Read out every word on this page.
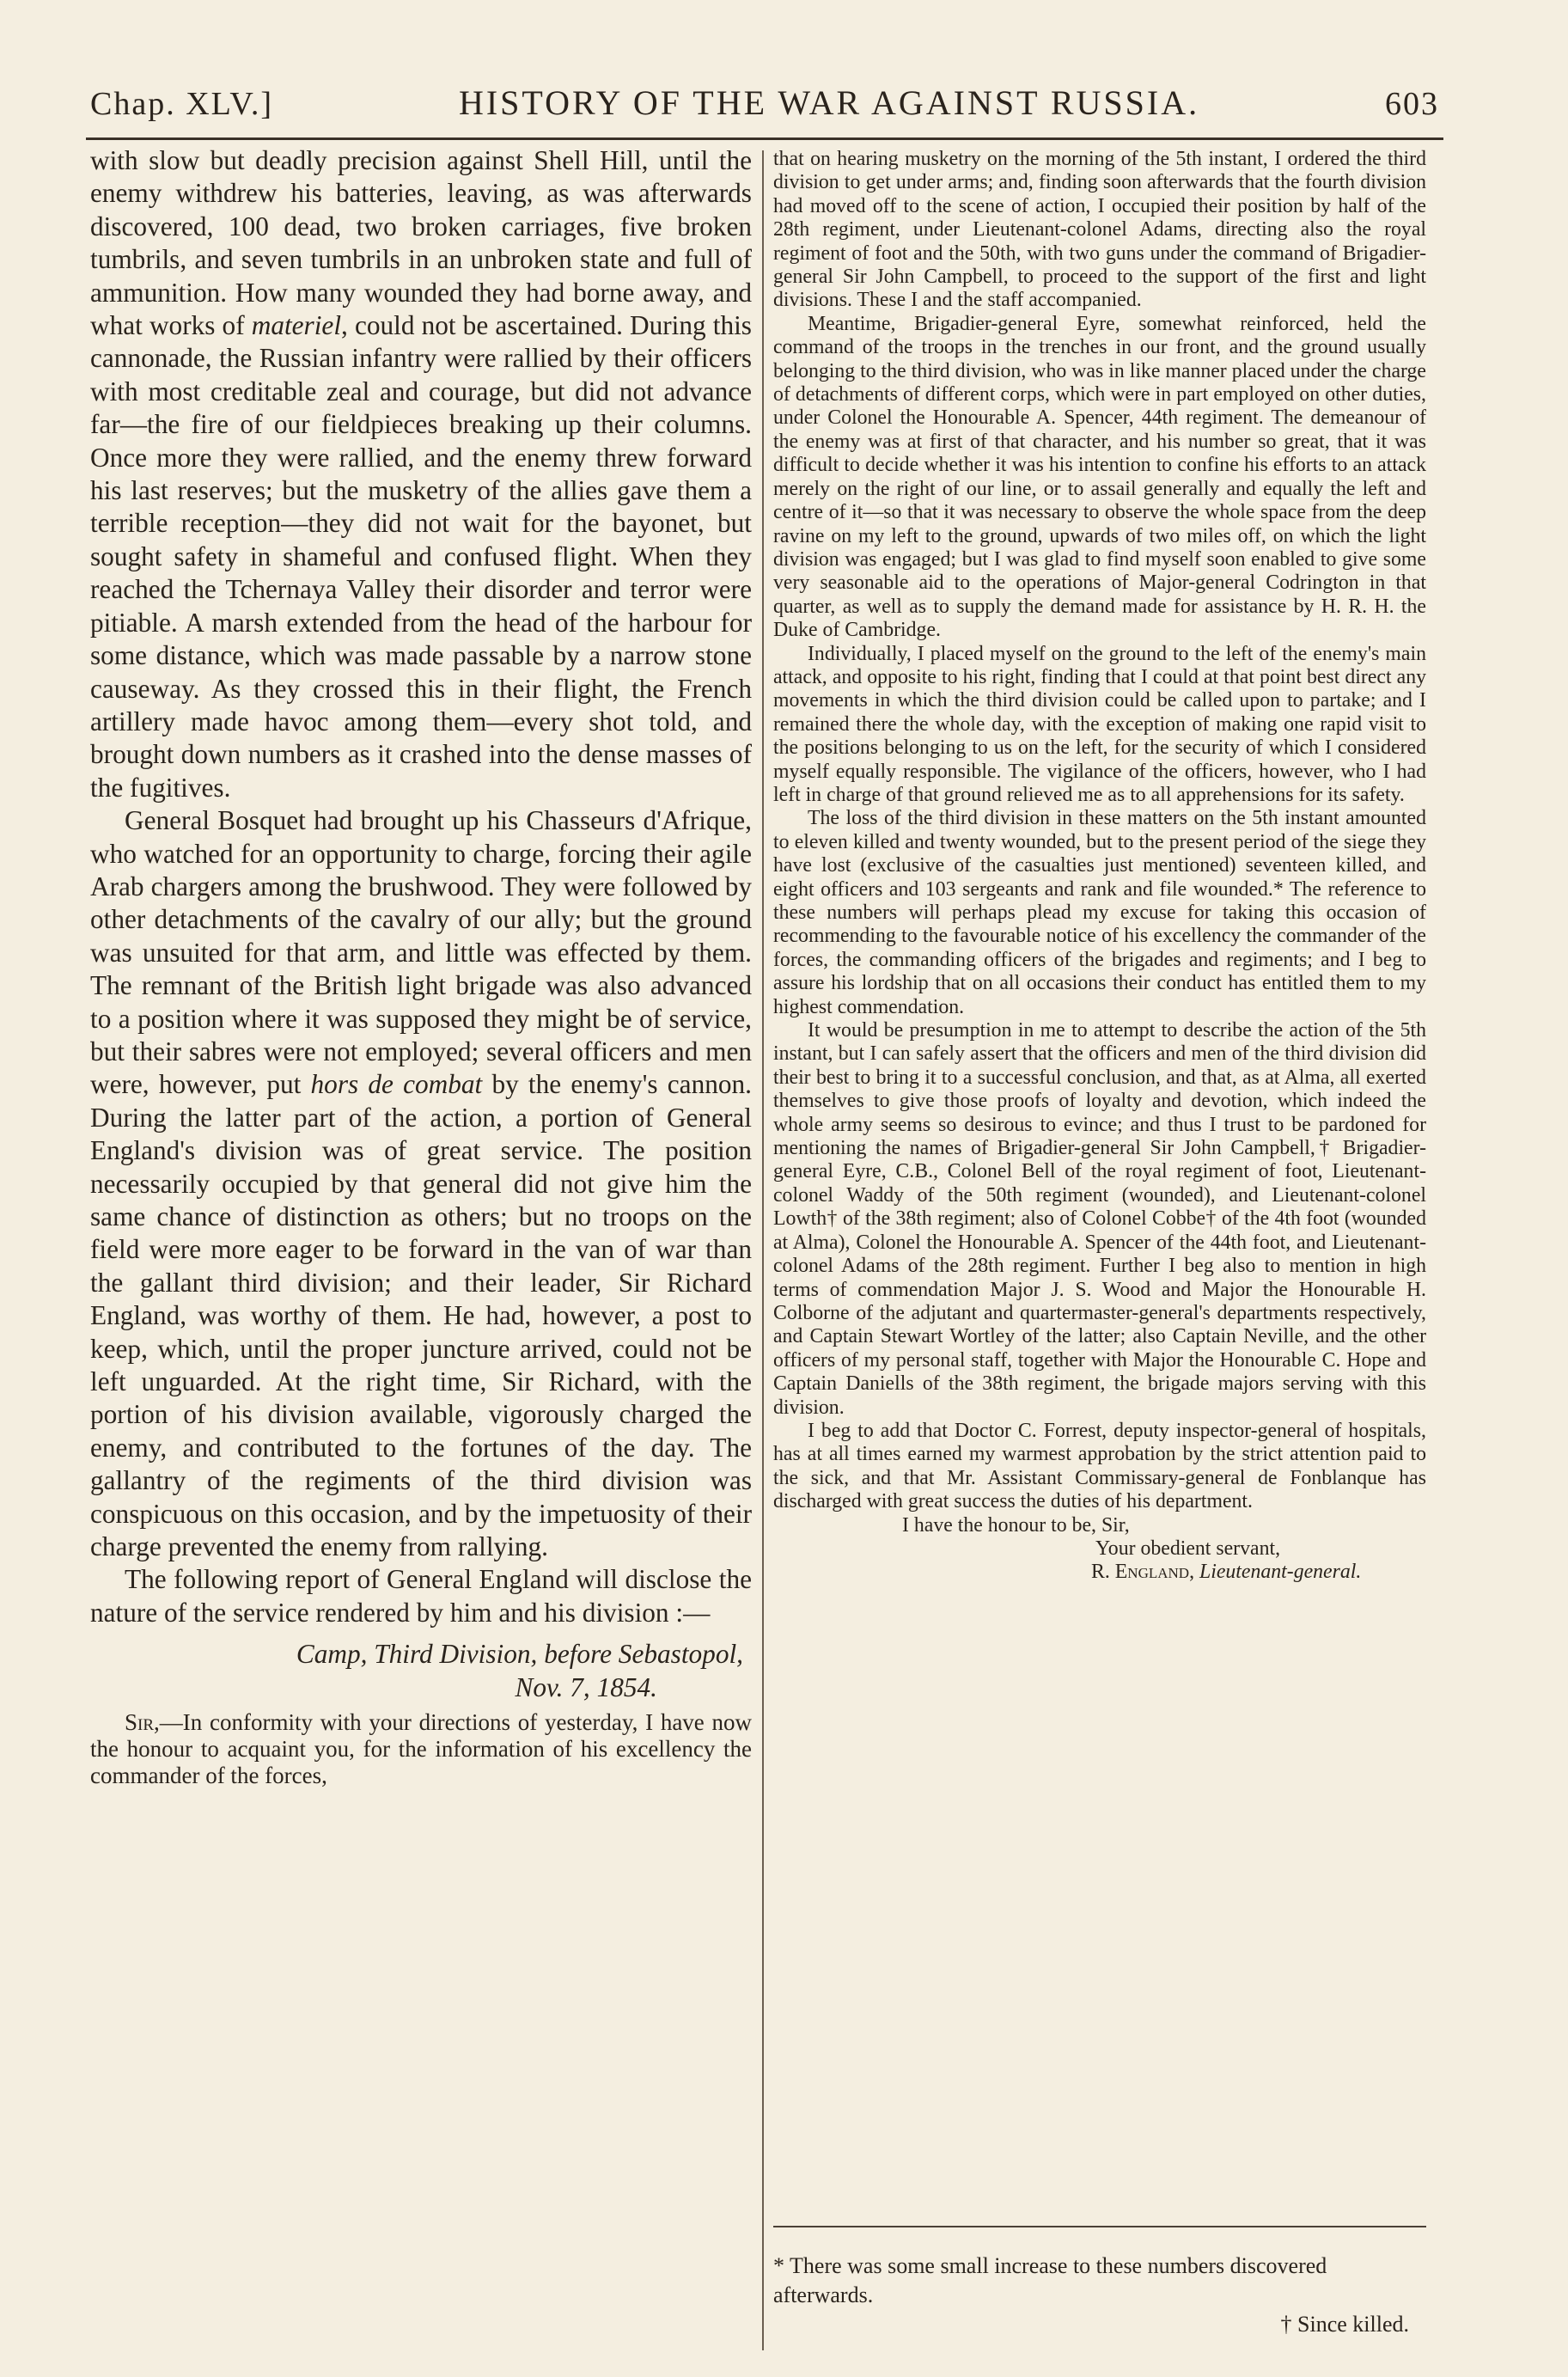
Chap. XLV.]	HISTORY OF THE WAR AGAINST RUSSIA.	603

with slow but deadly precision against Shell Hill, until the enemy withdrew his batteries, leaving, as was afterwards discovered, 100 dead, two broken carriages, five broken tumbrils, and seven tumbrils in an unbroken state and full of ammunition. How many wounded they had borne away, and what works of materiel, could not be ascertained. During this cannonade, the Russian infantry were rallied by their officers with most creditable zeal and courage, but did not advance far—the fire of our fieldpieces breaking up their columns. Once more they were rallied, and the enemy threw forward his last reserves; but the musketry of the allies gave them a terrible reception—they did not wait for the bayonet, but sought safety in shameful and confused flight. When they reached the Tchernaya Valley their disorder and terror were pitiable. A marsh extended from the head of the harbour for some distance, which was made passable by a narrow stone causeway. As they crossed this in their flight, the French artillery made havoc among them—every shot told, and brought down numbers as it crashed into the dense masses of the fugitives.

General Bosquet had brought up his Chasseurs d'Afrique, who watched for an opportunity to charge, forcing their agile Arab chargers among the brushwood. They were followed by other detachments of the cavalry of our ally; but the ground was unsuited for that arm, and little was effected by them. The remnant of the British light brigade was also advanced to a position where it was supposed they might be of service, but their sabres were not employed; several officers and men were, however, put hors de combat by the enemy's cannon. During the latter part of the action, a portion of General England's division was of great service. The position necessarily occupied by that general did not give him the same chance of distinction as others; but no troops on the field were more eager to be forward in the van of war than the gallant third division; and their leader, Sir Richard England, was worthy of them. He had, however, a post to keep, which, until the proper juncture arrived, could not be left unguarded. At the right time, Sir Richard, with the portion of his division available, vigorously charged the enemy, and contributed to the fortunes of the day. The gallantry of the regiments of the third division was conspicuous on this occasion, and by the impetuosity of their charge prevented the enemy from rallying.

The following report of General England will disclose the nature of the service rendered by him and his division :—

Camp, Third Division, before Sebastopol,
Nov. 7, 1854.

Sir,—In conformity with your directions of yesterday, I have now the honour to acquaint you, for the information of his excellency the commander of the forces,

that on hearing musketry on the morning of the 5th instant, I ordered the third division to get under arms; and, finding soon afterwards that the fourth division had moved off to the scene of action, I occupied their position by half of the 28th regiment, under Lieutenant-colonel Adams, directing also the royal regiment of foot and the 50th, with two guns under the command of Brigadier-general Sir John Campbell, to proceed to the support of the first and light divisions. These I and the staff accompanied.

Meantime, Brigadier-general Eyre, somewhat reinforced, held the command of the troops in the trenches in our front, and the ground usually belonging to the third division, who was in like manner placed under the charge of detachments of different corps, which were in part employed on other duties, under Colonel the Honourable A. Spencer, 44th regiment. The demeanour of the enemy was at first of that character, and his number so great, that it was difficult to decide whether it was his intention to confine his efforts to an attack merely on the right of our line, or to assail generally and equally the left and centre of it—so that it was necessary to observe the whole space from the deep ravine on my left to the ground, upwards of two miles off, on which the light division was engaged; but I was glad to find myself soon enabled to give some very seasonable aid to the operations of Major-general Codrington in that quarter, as well as to supply the demand made for assistance by H. R. H. the Duke of Cambridge.

Individually, I placed myself on the ground to the left of the enemy's main attack, and opposite to his right, finding that I could at that point best direct any movements in which the third division could be called upon to partake; and I remained there the whole day, with the exception of making one rapid visit to the positions belonging to us on the left, for the security of which I considered myself equally responsible. The vigilance of the officers, however, who I had left in charge of that ground relieved me as to all apprehensions for its safety.

The loss of the third division in these matters on the 5th instant amounted to eleven killed and twenty wounded, but to the present period of the siege they have lost (exclusive of the casualties just mentioned) seventeen killed, and eight officers and 103 sergeants and rank and file wounded.* The reference to these numbers will perhaps plead my excuse for taking this occasion of recommending to the favourable notice of his excellency the commander of the forces, the commanding officers of the brigades and regiments; and I beg to assure his lordship that on all occasions their conduct has entitled them to my highest commendation.

It would be presumption in me to attempt to describe the action of the 5th instant, but I can safely assert that the officers and men of the third division did their best to bring it to a successful conclusion, and that, as at Alma, all exerted themselves to give those proofs of loyalty and devotion, which indeed the whole army seems so desirous to evince; and thus I trust to be pardoned for mentioning the names of Brigadier-general Sir John Campbell,† Brigadier-general Eyre, C.B., Colonel Bell of the royal regiment of foot, Lieutenant-colonel Waddy of the 50th regiment (wounded), and Lieutenant-colonel Lowth† of the 38th regiment; also of Colonel Cobbe† of the 4th foot (wounded at Alma), Colonel the Honourable A. Spencer of the 44th foot, and Lieutenant-colonel Adams of the 28th regiment. Further I beg also to mention in high terms of commendation Major J. S. Wood and Major the Honourable H. Colborne of the adjutant and quartermaster-general's departments respectively, and Captain Stewart Wortley of the latter; also Captain Neville, and the other officers of my personal staff, together with Major the Honourable C. Hope and Captain Daniells of the 38th regiment, the brigade majors serving with this division.

I beg to add that Doctor C. Forrest, deputy inspector-general of hospitals, has at all times earned my warmest approbation by the strict attention paid to the sick, and that Mr. Assistant Commissary-general de Fonblanque has discharged with great success the duties of his department.

I have the honour to be, Sir,
Your obedient servant,
R. England, Lieutenant-general.
* There was some small increase to these numbers discovered afterwards.
† Since killed.
